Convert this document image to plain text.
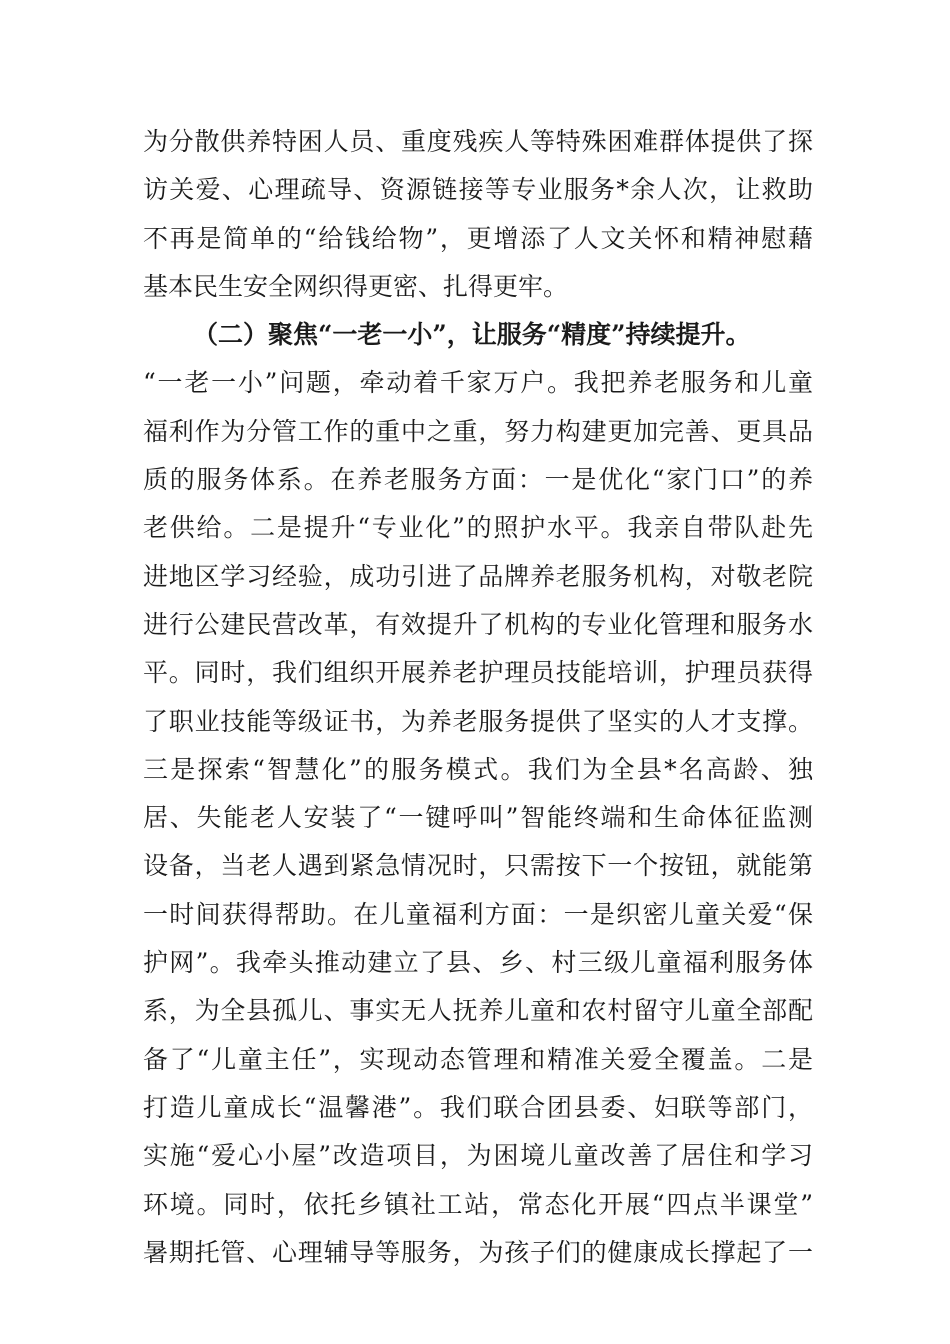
为分散供养特困人员、重度残疾人等特殊困难群体提供了探
访关爱、心理疏导、资源链接等专业服务*余人次，让救助
不再是简单的“给钱给物”，更增添了人文关怀和精神慰藉
基本民生安全网织得更密、扎得更牢。
（二）聚焦“一老一小”，让服务“精度”持续提升。
“一老一小”问题，牵动着千家万户。我把养老服务和儿童
福利作为分管工作的重中之重，努力构建更加完善、更具品
质的服务体系。在养老服务方面：一是优化“家门口”的养
老供给。二是提升“专业化”的照护水平。我亲自带队赴先
进地区学习经验，成功引进了品牌养老服务机构，对敬老院
进行公建民营改革，有效提升了机构的专业化管理和服务水
平。同时，我们组织开展养老护理员技能培训，护理员获得
了职业技能等级证书，为养老服务提供了坚实的人才支撑。
三是探索“智慧化”的服务模式。我们为全县*名高龄、独
居、失能老人安装了“一键呼叫”智能终端和生命体征监测
设备，当老人遇到紧急情况时，只需按下一个按钮，就能第
一时间获得帮助。在儿童福利方面：一是织密儿童关爱“保
护网”。我牵头推动建立了县、乡、村三级儿童福利服务体
系，为全县孤儿、事实无人抚养儿童和农村留守儿童全部配
备了“儿童主任”，实现动态管理和精准关爱全覆盖。二是
打造儿童成长“温馨港”。我们联合团县委、妇联等部门，
实施“爱心小屋”改造项目，为困境儿童改善了居住和学习
环境。同时，依托乡镇社工站，常态化开展“四点半课堂”
暑期托管、心理辅导等服务，为孩子们的健康成长撑起了一
